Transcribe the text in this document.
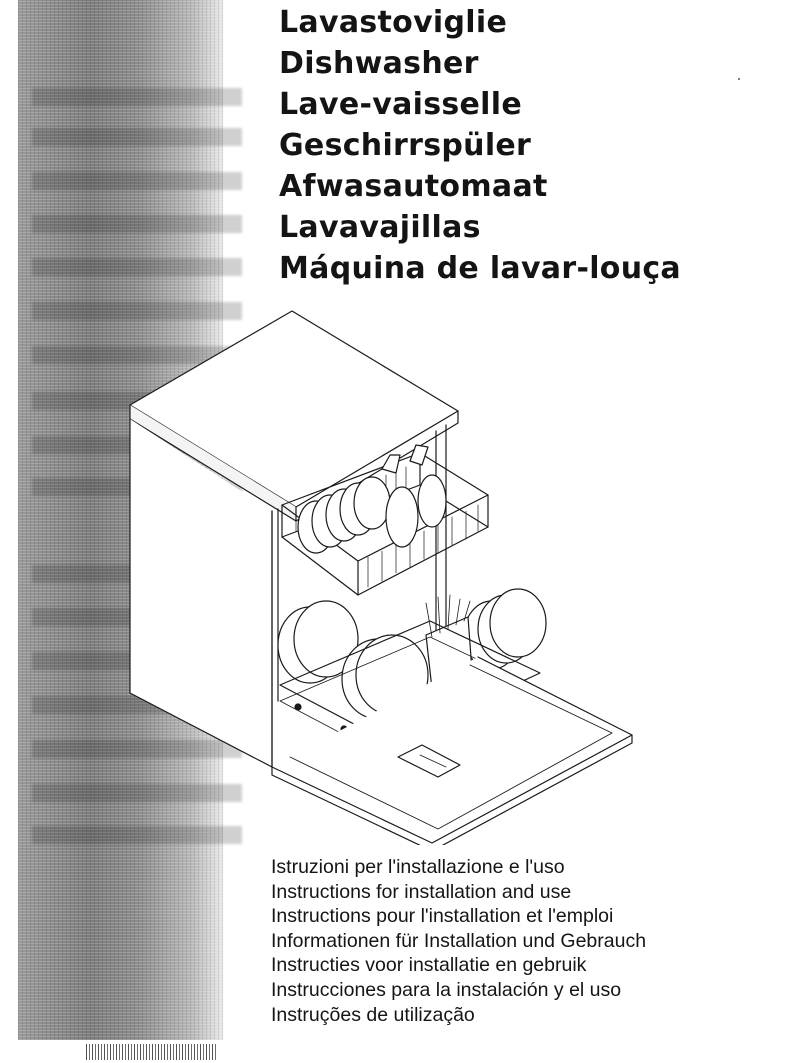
Lavastoviglie
Dishwasher
Lave-vaisselle
Geschirrspüler
Afwasautomaat
Lavavajillas
Máquina de lavar-louça
Istruzioni per l'installazione e l'uso
Instructions for installation and use
Instructions pour l'installation et l'emploi
Informationen für Installation und Gebrauch
Instructies voor installatie en gebruik
Instrucciones para la instalación y el uso
Instruções de utilização
